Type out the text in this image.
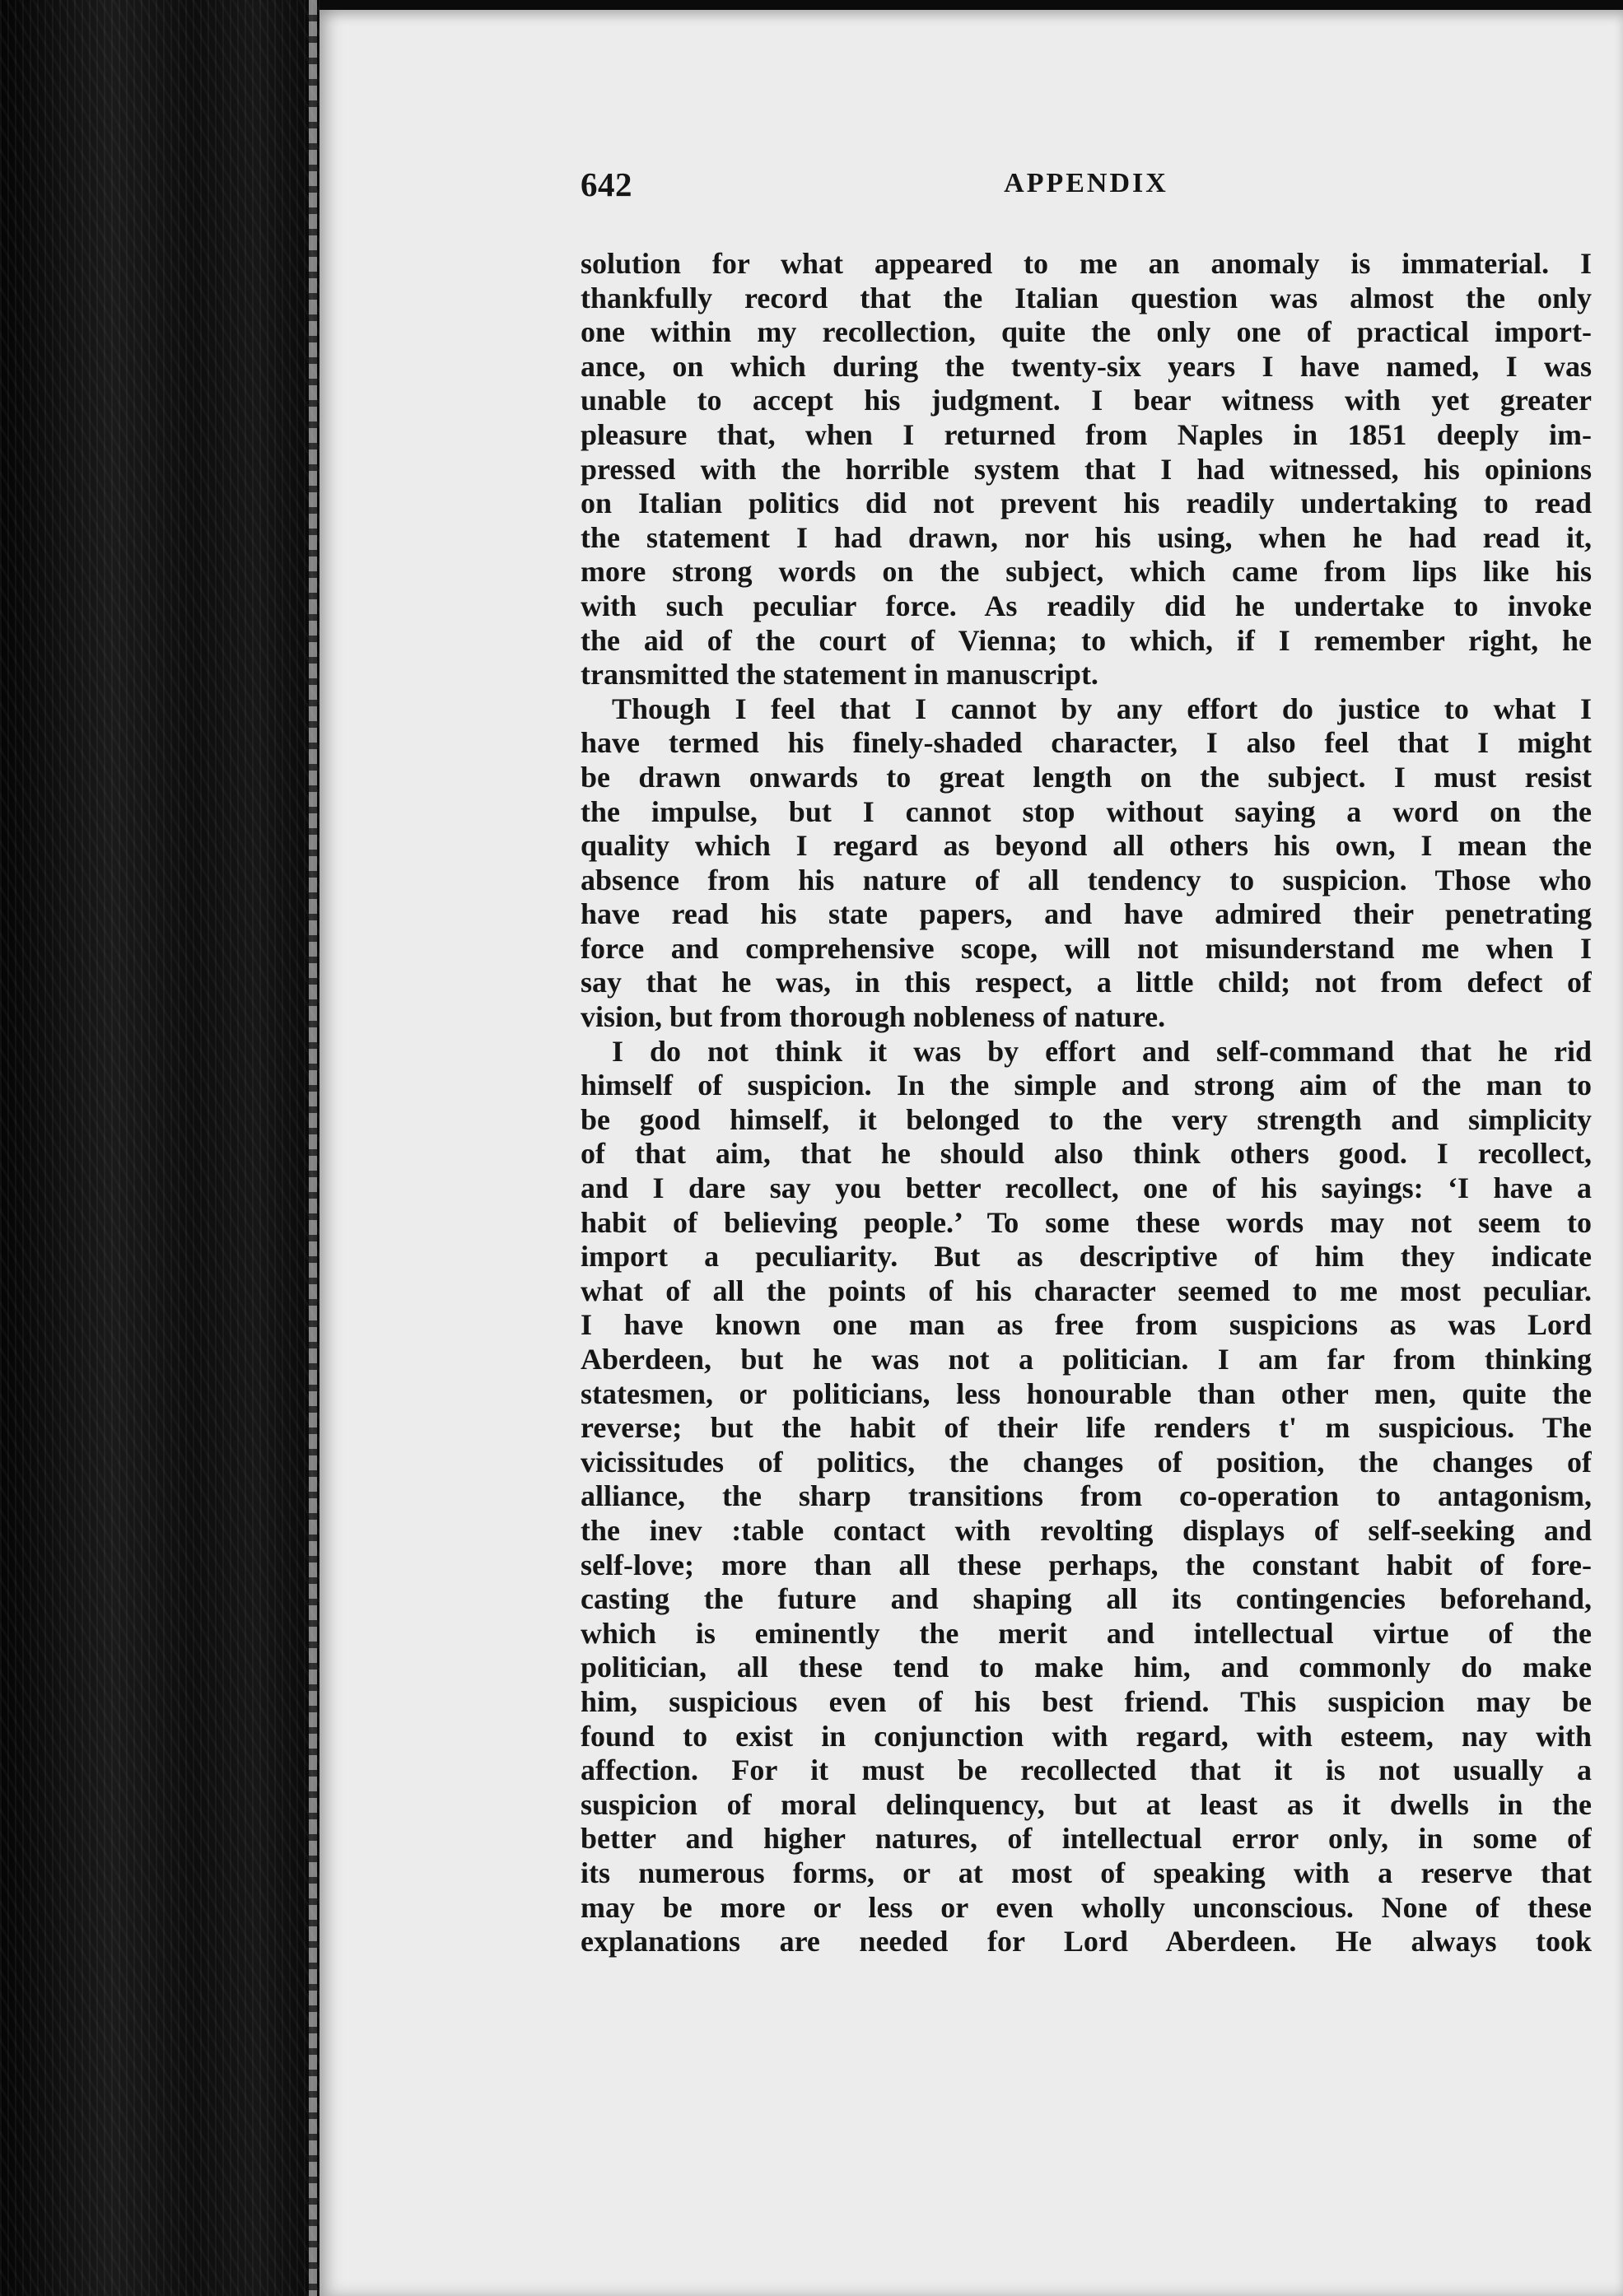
642	APPENDIX
solution for what appeared to me an anomaly is immaterial. I
thankfully record that the Italian question was almost the only
one within my recollection, quite the only one of practical import-
ance, on which during the twenty-six years I have named, I was
unable to accept his judgment. I bear witness with yet greater
pleasure that, when I returned from Naples in 1851 deeply im-
pressed with the horrible system that I had witnessed, his opinions
on Italian politics did not prevent his readily undertaking to read
the statement I had drawn, nor his using, when he had read it,
more strong words on the subject, which came from lips like his
with such peculiar force. As readily did he undertake to invoke
the aid of the court of Vienna; to which, if I remember right, he
transmitted the statement in manuscript.
Though I feel that I cannot by any effort do justice to what I
have termed his finely-shaded character, I also feel that I might
be drawn onwards to great length on the subject. I must resist
the impulse, but I cannot stop without saying a word on the
quality which I regard as beyond all others his own, I mean the
absence from his nature of all tendency to suspicion. Those who
have read his state papers, and have admired their penetrating
force and comprehensive scope, will not misunderstand me when I
say that he was, in this respect, a little child; not from defect of
vision, but from thorough nobleness of nature.
I do not think it was by effort and self-command that he rid
himself of suspicion. In the simple and strong aim of the man to
be good himself, it belonged to the very strength and simplicity
of that aim, that he should also think others good. I recollect,
and I dare say you better recollect, one of his sayings: ‘I have a
habit of believing people.’ To some these words may not seem to
import a peculiarity. But as descriptive of him they indicate
what of all the points of his character seemed to me most peculiar.
I have known one man as free from suspicions as was Lord
Aberdeen, but he was not a politician. I am far from thinking
statesmen, or politicians, less honourable than other men, quite the
reverse; but the habit of their life renders t' m suspicious. The
vicissitudes of politics, the changes of position, the changes of
alliance, the sharp transitions from co-operation to antagonism,
the inev :table contact with revolting displays of self-seeking and
self-love; more than all these perhaps, the constant habit of fore-
casting the future and shaping all its contingencies beforehand,
which is eminently the merit and intellectual virtue of the
politician, all these tend to make him, and commonly do make
him, suspicious even of his best friend. This suspicion may be
found to exist in conjunction with regard, with esteem, nay with
affection. For it must be recollected that it is not usually a
suspicion of moral delinquency, but at least as it dwells in the
better and higher natures, of intellectual error only, in some of
its numerous forms, or at most of speaking with a reserve that
may be more or less or even wholly unconscious. None of these
explanations are needed for Lord Aberdeen. He always took
